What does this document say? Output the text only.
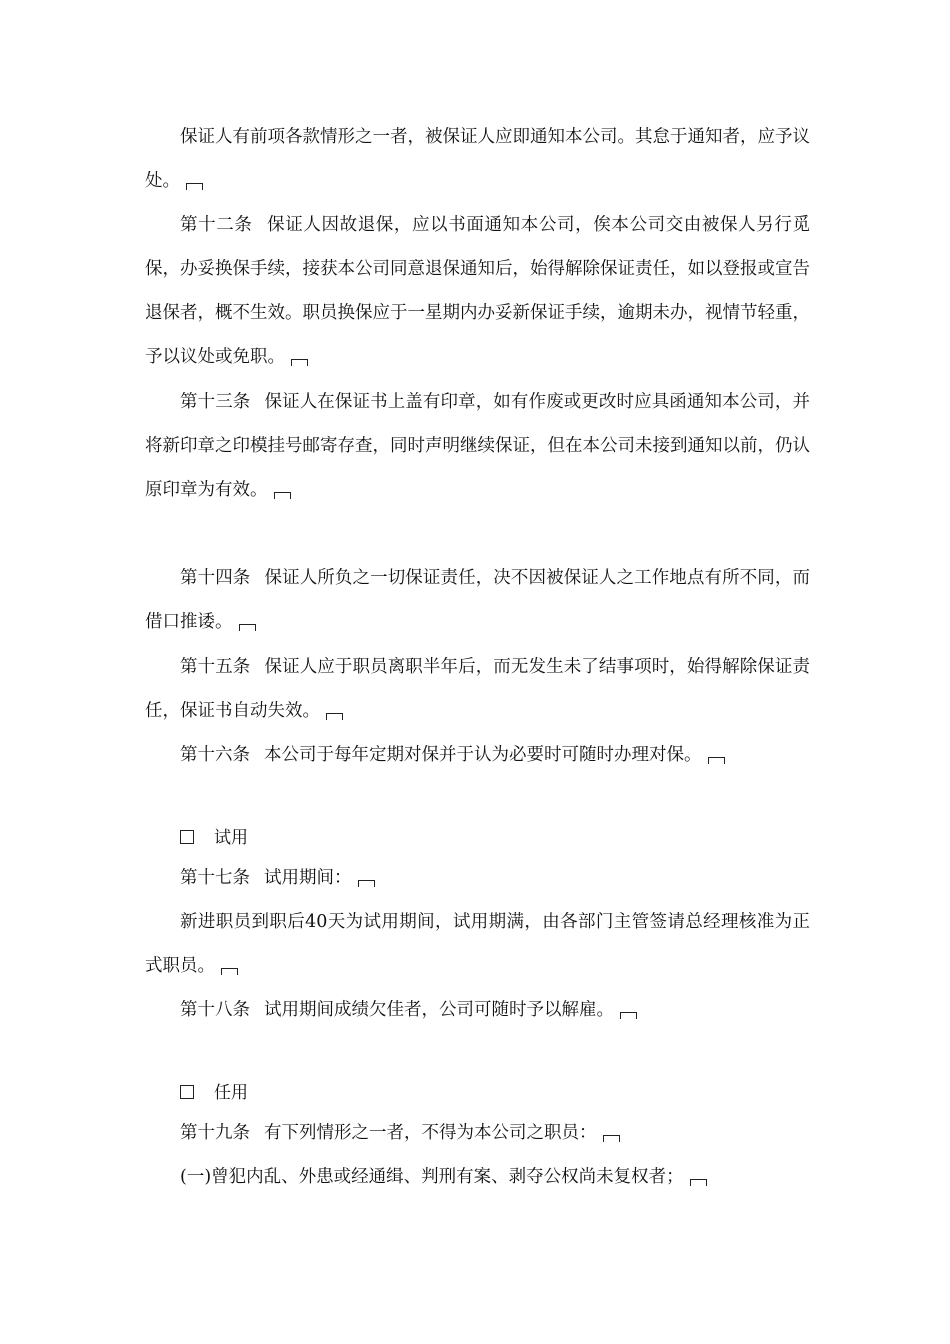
保证人有前项各款情形之一者，被保证人应即通知本公司。其怠于通知者，应予议处。

第十二条 保证人因故退保，应以书面通知本公司，俟本公司交由被保人另行觅保，办妥换保手续，接获本公司同意退保通知后，始得解除保证责任，如以登报或宣告退保者，概不生效。职员换保应于一星期内办妥新保证手续，逾期未办，视情节轻重，予以议处或免职。

第十三条 保证人在保证书上盖有印章，如有作废或更改时应具函通知本公司，并将新印章之印模挂号邮寄存查，同时声明继续保证，但在本公司未接到通知以前，仍认原印章为有效。

第十四条 保证人所负之一切保证责任，决不因被保证人之工作地点有所不同，而借口推诿。

第十五条 保证人应于职员离职半年后，而无发生未了结事项时，始得解除保证责任，保证书自动失效。

第十六条 本公司于每年定期对保并于认为必要时可随时办理对保。

试用

第十七条 试用期间：

新进职员到职后40天为试用期间，试用期满，由各部门主管签请总经理核准为正式职员。

第十八条 试用期间成绩欠佳者，公司可随时予以解雇。

任用

第十九条 有下列情形之一者，不得为本公司之职员：

(一)曾犯内乱、外患或经通缉、判刑有案、剥夺公权尚未复权者；
